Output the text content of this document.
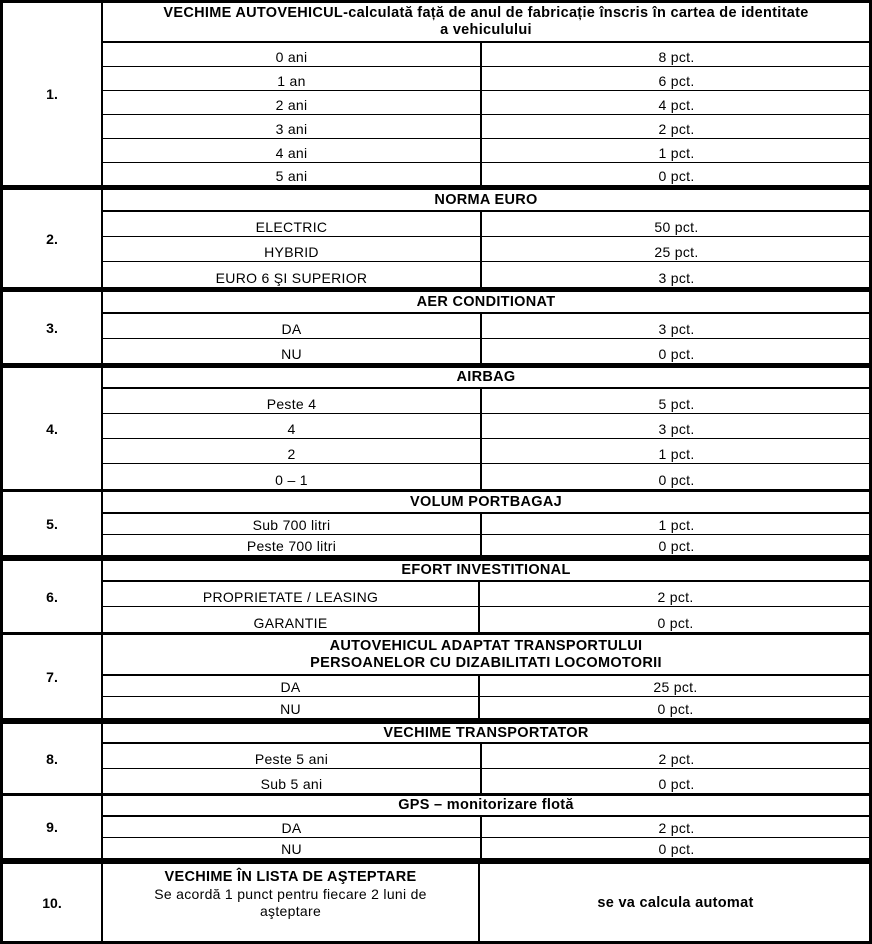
1.
VECHIME AUTOVEHICUL-calculată față de anul de fabricație înscris în cartea de identitate
a vehiculului
0 ani	8 pct.
1 an	6 pct.
2 ani	4 pct.
3 ani	2 pct.
4 ani	1 pct.
5 ani	0 pct.
2.
NORMA EURO
ELECTRIC	50 pct.
HYBRID	25 pct.
EURO 6 ŞI SUPERIOR	3 pct.
3.
AER CONDITIONAT
DA	3 pct.
NU	0 pct.
4.
AIRBAG
Peste 4	5 pct.
4	3 pct.
2	1 pct.
0 – 1	0 pct.
5.
VOLUM PORTBAGAJ
Sub 700 litri	1 pct.
Peste 700 litri	0 pct.
6.
EFORT INVESTITIONAL
PROPRIETATE / LEASING	2 pct.
GARANTIE	0 pct.
7.
AUTOVEHICUL ADAPTAT TRANSPORTULUI
PERSOANELOR CU DIZABILITATI LOCOMOTORII
DA	25 pct.
NU	0 pct.
8.
VECHIME TRANSPORTATOR
Peste 5 ani	2 pct.
Sub 5 ani	0 pct.
9.
GPS – monitorizare flotă
DA	2 pct.
NU	0 pct.
10.
VECHIME ÎN LISTA DE AŞTEPTARE
Se acordă 1 punct pentru fiecare 2 luni de
aşteptare	se va calcula automat
